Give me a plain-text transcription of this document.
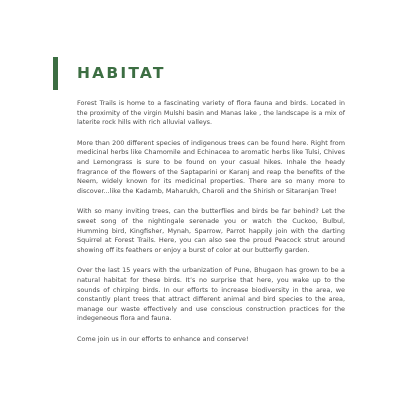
HABITAT

Forest Trails is home to a fascinating variety of flora fauna and birds. Located in the proximity of the virgin Mulshi basin and Manas lake , the landscape is a mix of laterite rock hills with rich alluvial valleys.

More than 200 different species of indigenous trees can be found here. Right from medicinal herbs like Chamomile and Echinacea to aromatic herbs like Tulsi, Chives and Lemongrass is sure to be found on your casual hikes. Inhale the heady fragrance of the flowers of the Saptaparini or Karanj and reap the benefits of the Neem, widely known for its medicinal properties. There are so many more to discover...like the Kadamb, Maharukh, Charoli and the Shirish or Sitaranjan Tree!

With so many inviting trees, can the butterflies and birds be far behind? Let the sweet song of the nightingale serenade you or watch the Cuckoo, Bulbul, Humming bird, Kingfisher, Mynah, Sparrow, Parrot happily join with the darting Squirrel at Forest Trails. Here, you can also see the proud Peacock strut around showing off its feathers or enjoy a burst of color at our butterfly garden.

Over the last 15 years with the urbanization of Pune, Bhugaon has grown to be a natural habitat for these birds. It’s no surprise that here, you wake up to the sounds of chirping birds. In our efforts to increase biodiversity in the area, we constantly plant trees that attract different animal and bird species to the area, manage our waste effectively and use conscious construction practices for the indegeneous flora and fauna.

Come join us in our efforts to enhance and conserve!
